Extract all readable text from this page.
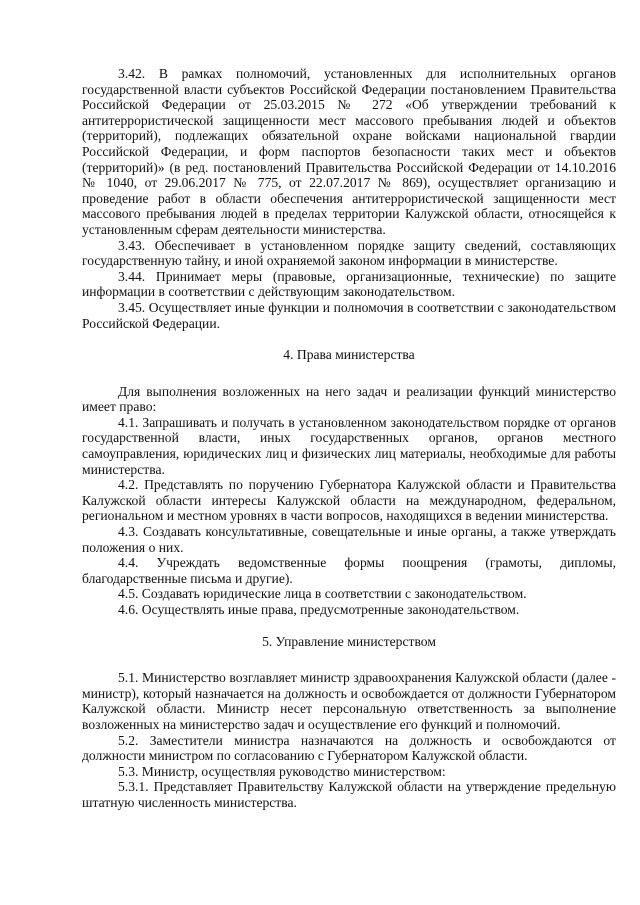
3.42. В рамках полномочий, установленных для исполнительных органов государственной власти субъектов Российской Федерации постановлением Правительства Российской Федерации от 25.03.2015 № 272 «Об утверждении требований к антитеррористической защищенности мест массового пребывания людей и объектов (территорий), подлежащих обязательной охране войсками национальной гвардии Российской Федерации, и форм паспортов безопасности таких мест и объектов (территорий)» (в ред. постановлений Правительства Российской Федерации от 14.10.2016 № 1040, от 29.06.2017 № 775, от 22.07.2017 № 869), осуществляет организацию и проведение работ в области обеспечения антитеррористической защищенности мест массового пребывания людей в пределах территории Калужской области, относящейся к установленным сферам деятельности министерства.

3.43. Обеспечивает в установленном порядке защиту сведений, составляющих государственную тайну, и иной охраняемой законом информации в министерстве.

3.44. Принимает меры (правовые, организационные, технические) по защите информации в соответствии с действующим законодательством.

3.45. Осуществляет иные функции и полномочия в соответствии с законодательством Российской Федерации.

4. Права министерства

Для выполнения возложенных на него задач и реализации функций министерство имеет право:

4.1. Запрашивать и получать в установленном законодательством порядке от органов государственной власти, иных государственных органов, органов местного самоуправления, юридических лиц и физических лиц материалы, необходимые для работы министерства.

4.2. Представлять по поручению Губернатора Калужской области и Правительства Калужской области интересы Калужской области на международном, федеральном, региональном и местном уровнях в части вопросов, находящихся в ведении министерства.

4.3. Создавать консультативные, совещательные и иные органы, а также утверждать положения о них.

4.4. Учреждать ведомственные формы поощрения (грамоты, дипломы, благодарственные письма и другие).

4.5. Создавать юридические лица в соответствии с законодательством.

4.6. Осуществлять иные права, предусмотренные законодательством.

5. Управление министерством

5.1. Министерство возглавляет министр здравоохранения Калужской области (далее - министр), который назначается на должность и освобождается от должности Губернатором Калужской области. Министр несет персональную ответственность за выполнение возложенных на министерство задач и осуществление его функций и полномочий.

5.2. Заместители министра назначаются на должность и освобождаются от должности министром по согласованию с Губернатором Калужской области.

5.3. Министр, осуществляя руководство министерством:

5.3.1. Представляет Правительству Калужской области на утверждение предельную штатную численность министерства.
